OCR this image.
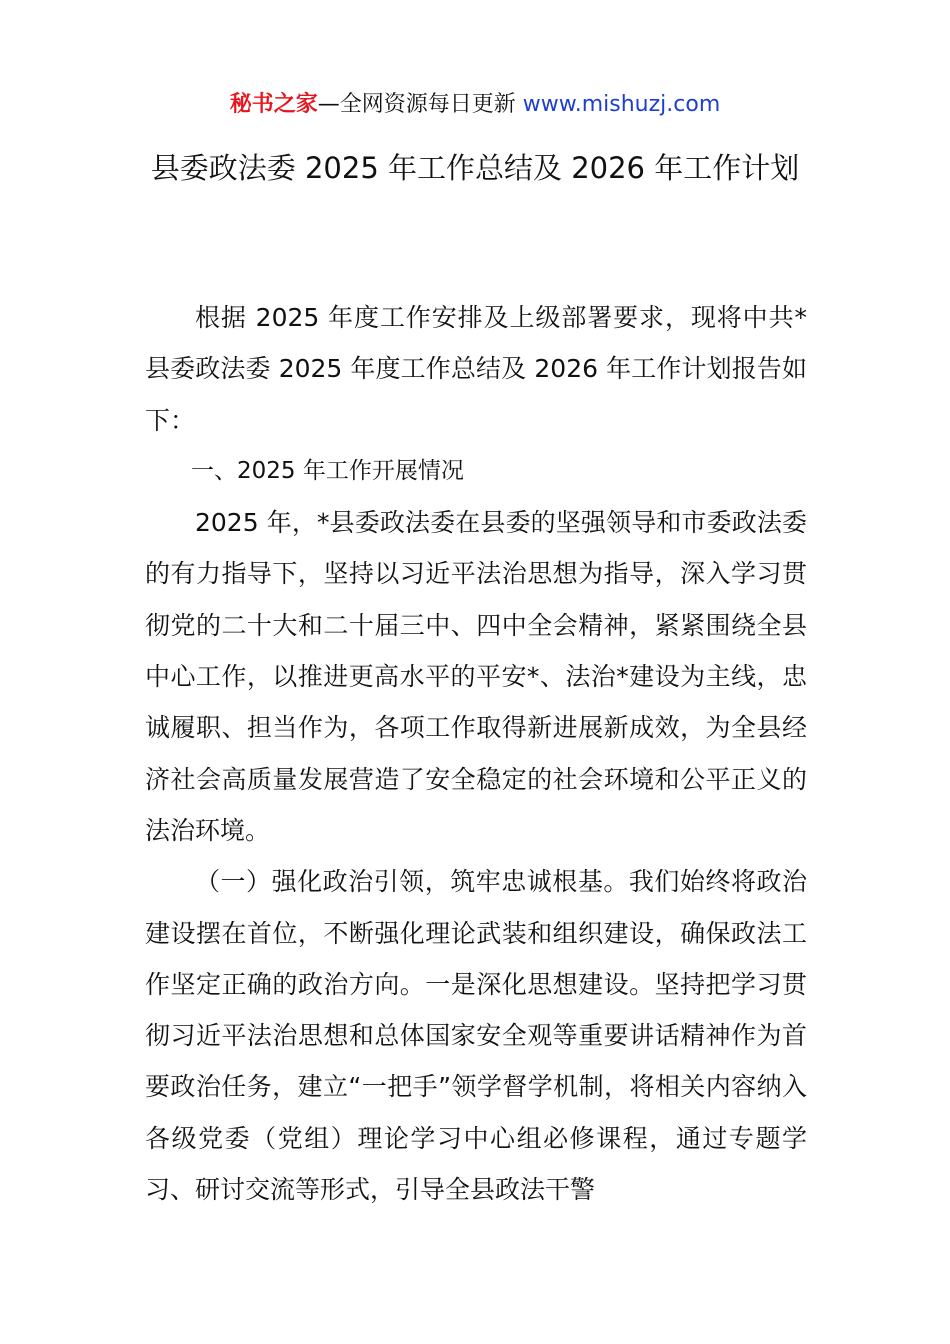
秘书之家—全网资源每日更新 www.mishuzj.com
县委政法委 2025 年工作总结及 2026 年工作计划

根据 2025 年度工作安排及上级部署要求，现将中共*县委政法委 2025 年度工作总结及 2026 年工作计划报告如下：

一、2025 年工作开展情况

2025 年，*县委政法委在县委的坚强领导和市委政法委的有力指导下，坚持以习近平法治思想为指导，深入学习贯彻党的二十大和二十届三中、四中全会精神，紧紧围绕全县中心工作，以推进更高水平的平安*、法治*建设为主线，忠诚履职、担当作为，各项工作取得新进展新成效，为全县经济社会高质量发展营造了安全稳定的社会环境和公平正义的法治环境。

（一）强化政治引领，筑牢忠诚根基。我们始终将政治建设摆在首位，不断强化理论武装和组织建设，确保政法工作坚定正确的政治方向。一是深化思想建设。坚持把学习贯彻习近平法治思想和总体国家安全观等重要讲话精神作为首要政治任务，建立“一把手”领学督学机制，将相关内容纳入各级党委（党组）理论学习中心组必修课程，通过专题学习、研讨交流等形式，引导全县政法干警
